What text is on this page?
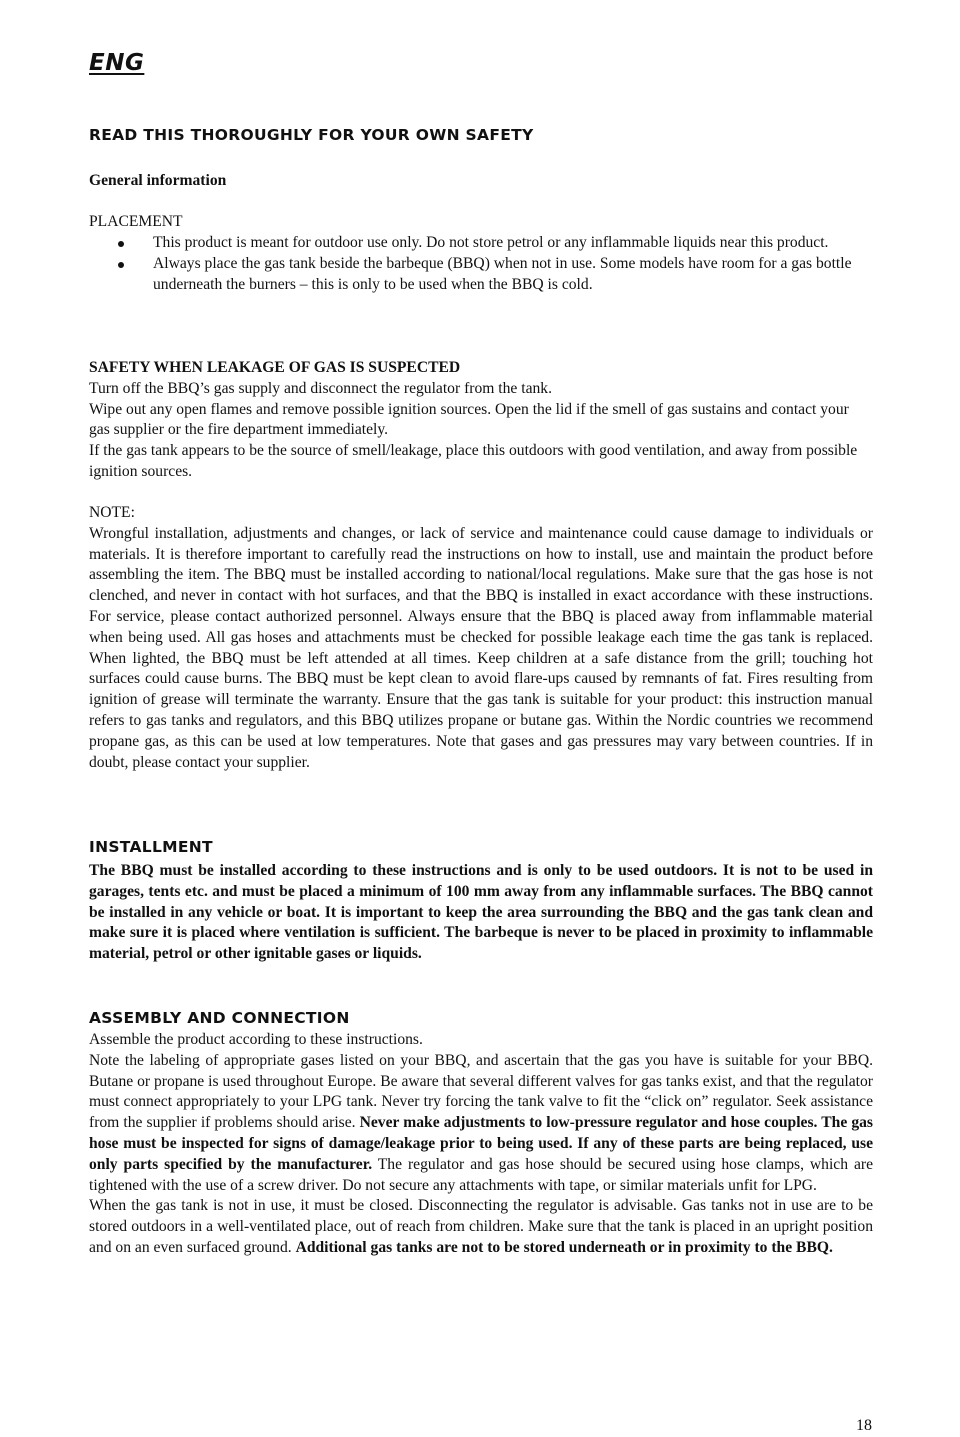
ENG
READ THIS THOROUGHLY FOR YOUR OWN SAFETY

General information

PLACEMENT

This product is meant for outdoor use only. Do not store petrol or any inflammable liquids near this product.
Always place the gas tank beside the barbeque (BBQ) when not in use. Some models have room for a gas bottle underneath the burners – this is only to be used when the BBQ is cold.

SAFETY WHEN LEAKAGE OF GAS IS SUSPECTED

Turn off the BBQ’s gas supply and disconnect the regulator from the tank.

Wipe out any open flames and remove possible ignition sources. Open the lid if the smell of gas sustains and contact your gas supplier or the fire department immediately.

If the gas tank appears to be the source of smell/leakage, place this outdoors with good ventilation, and away from possible ignition sources.

NOTE:

Wrongful installation, adjustments and changes, or lack of service and maintenance could cause damage to individuals or materials. It is therefore important to carefully read the instructions on how to install, use and maintain the product before assembling the item. The BBQ must be installed according to national/local regulations. Make sure that the gas hose is not clenched, and never in contact with hot surfaces, and that the BBQ is installed in exact accordance with these instructions. For service, please contact authorized personnel. Always ensure that the BBQ is placed away from inflammable material when being used. All gas hoses and attachments must be checked for possible leakage each time the gas tank is replaced. When lighted, the BBQ must be left attended at all times. Keep children at a safe distance from the grill; touching hot surfaces could cause burns. The BBQ must be kept clean to avoid flare-ups caused by remnants of fat. Fires resulting from ignition of grease will terminate the warranty. Ensure that the gas tank is suitable for your product: this instruction manual refers to gas tanks and regulators, and this BBQ utilizes propane or butane gas. Within the Nordic countries we recommend propane gas, as this can be used at low temperatures. Note that gases and gas pressures may vary between countries. If in doubt, please contact your supplier.

INSTALLMENT

The BBQ must be installed according to these instructions and is only to be used outdoors. It is not to be used in garages, tents etc. and must be placed a minimum of 100 mm away from any inflammable surfaces. The BBQ cannot be installed in any vehicle or boat. It is important to keep the area surrounding the BBQ and the gas tank clean and make sure it is placed where ventilation is sufficient. The barbeque is never to be placed in proximity to inflammable material, petrol or other ignitable gases or liquids.

ASSEMBLY AND CONNECTION

Assemble the product according to these instructions.

Note the labeling of appropriate gases listed on your BBQ, and ascertain that the gas you have is suitable for your BBQ. Butane or propane is used throughout Europe. Be aware that several different valves for gas tanks exist, and that the regulator must connect appropriately to your LPG tank. Never try forcing the tank valve to fit the “click on” regulator. Seek assistance from the supplier if problems should arise. Never make adjustments to low-pressure regulator and hose couples. The gas hose must be inspected for signs of damage/leakage prior to being used. If any of these parts are being replaced, use only parts specified by the manufacturer. The regulator and gas hose should be secured using hose clamps, which are tightened with the use of a screw driver. Do not secure any attachments with tape, or similar materials unfit for LPG.

When the gas tank is not in use, it must be closed. Disconnecting the regulator is advisable. Gas tanks not in use are to be stored outdoors in a well-ventilated place, out of reach from children. Make sure that the tank is placed in an upright position and on an even surfaced ground. Additional gas tanks are not to be stored underneath or in proximity to the BBQ.

18
